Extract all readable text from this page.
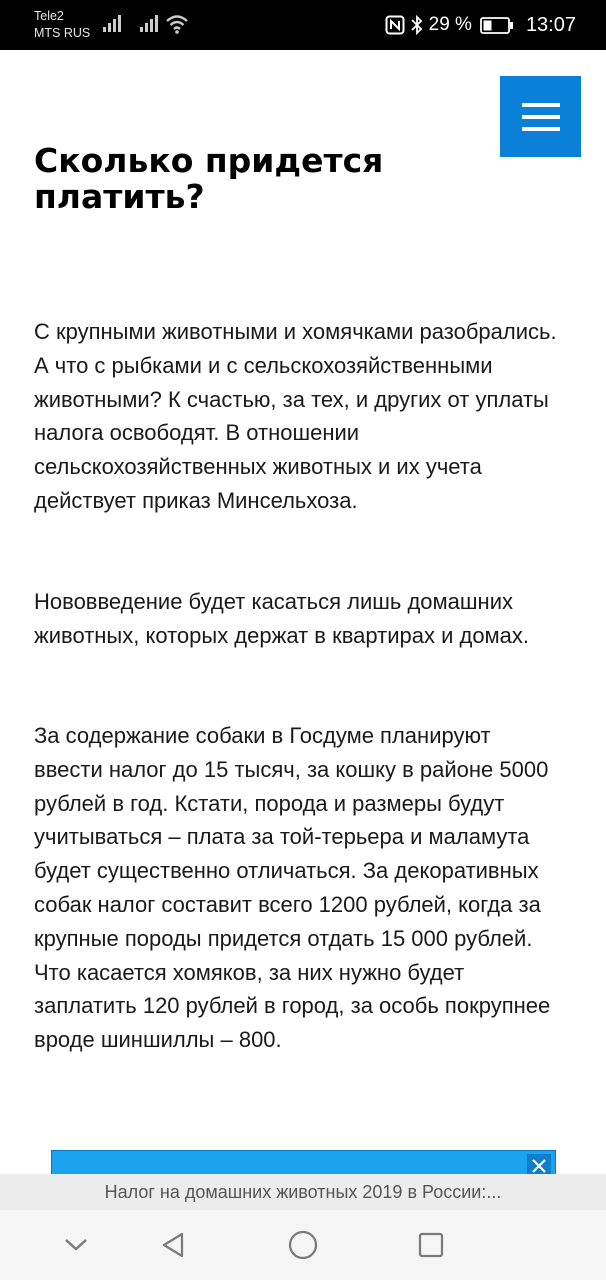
Tele2
MTS RUS	29 %	13:07
Сколько придется платить?

С крупными животными и хомячками разобрались. А что с рыбками и с сельскохозяйственными животными? К счастью, за тех, и других от уплаты налога освободят. В отношении сельскохозяйственных животных и их учета действует приказ Минсельхоза.

Нововведение будет касаться лишь домашних животных, которых держат в квартирах и домах.

За содержание собаки в Госдуме планируют ввести налог до 15 тысяч, за кошку в районе 5000 рублей в год. Кстати, порода и размеры будут учитываться – плата за той-терьера и маламута будет существенно отличаться. За декоративных собак налог составит всего 1200 рублей, когда за крупные породы придется отдать 15 000 рублей. Что касается хомяков, за них нужно будет заплатить 120 рублей в город, за особь покрупнее вроде шиншиллы – 800.

Налог на домашних животных 2019 в России:...
